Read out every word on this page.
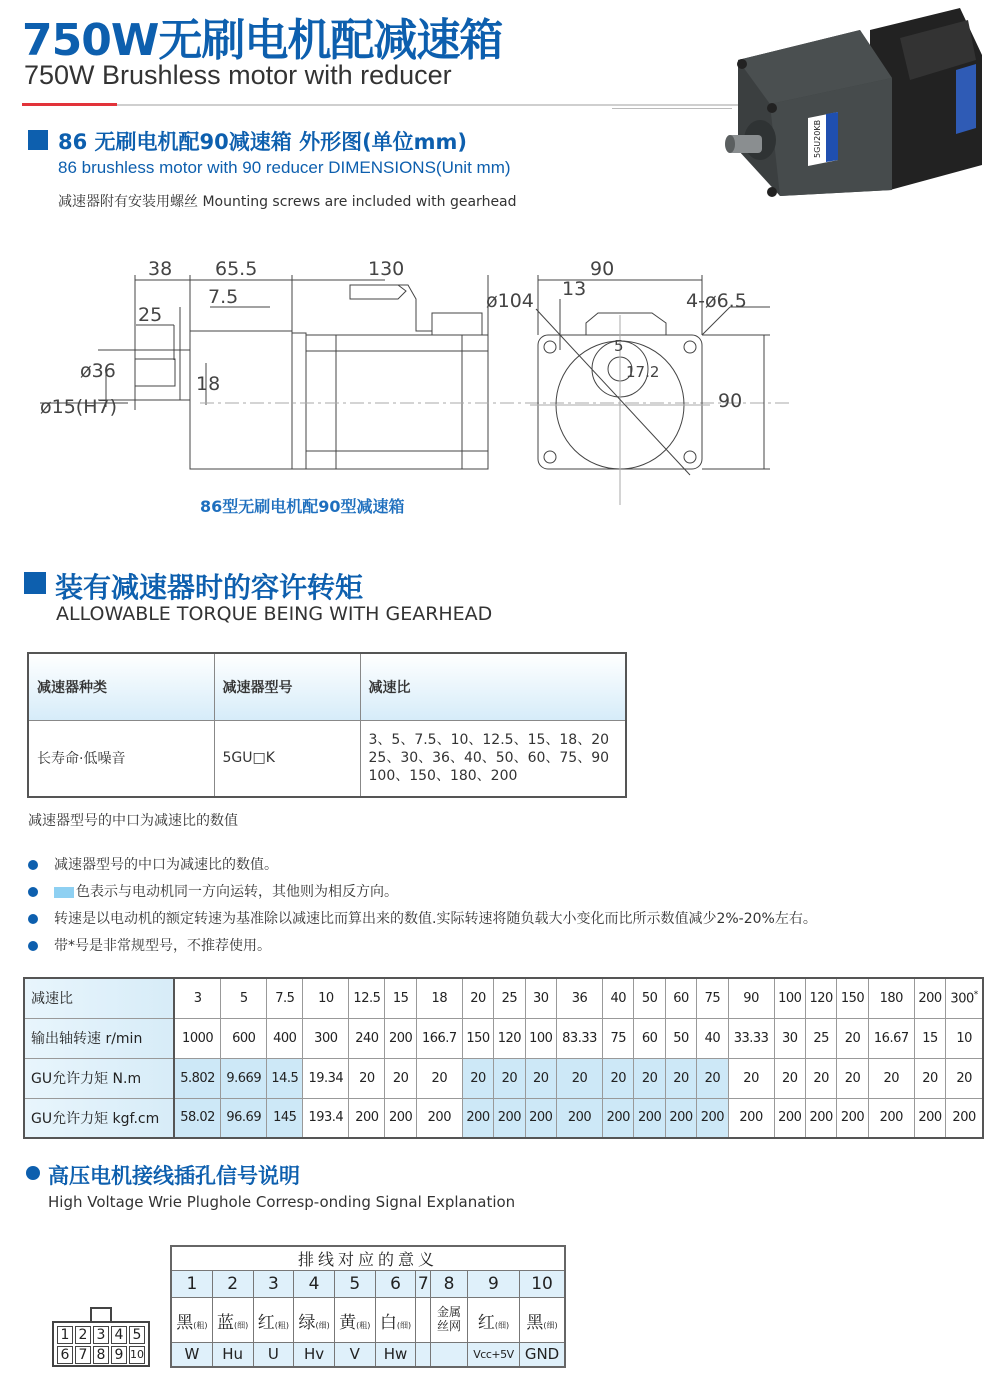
750W无刷电机配减速箱
750W Brushless motor with reducer
5GU20KB
86 无刷电机配90减速箱 外形图(单位mm)
86 brushless motor with 90 reducer DIMENSIONS(Unit mm)
减速器附有安装用螺丝 Mounting screws are included with gearhead
38 65.5	130
7.5
25
ø36
18
ø15(H7)
90
13
ø104	4-ø6.5
5
17.2
90
86型无刷电机配90型减速箱
装有减速器时的容许转矩
ALLOWABLE TORQUE BEING WITH GEARHEAD
减速器种类	减速器型号	减速比
长寿命·低噪音	5GU□K	3、5、7.5、10、12.5、15、18、20
25、30、36、40、50、60、75、90
100、150、180、200
减速器型号的中口为减速比的数值
减速器型号的中口为减速比的数值。
色表示与电动机同一方向运转，其他则为相反方向。
转速是以电动机的额定转速为基准除以减速比而算出来的数值.实际转速将随负载大小变化而比所示数值减少2%-20%左右。
带*号是非常规型号，不推荐使用。
减速比	3	5	7.5	10	12.5	15	18	20	25	30	36	40	50	60	75	90	100	120	150	180	200	300*
输出轴转速 r/min	1000	600	400	300	240	200	166.7	150	120	100	83.33	75	60	50	40	33.33	30	25	20	16.67	15	10
GU允许力矩 N.m	5.802	9.669	14.5	19.34	20	20	20	20	20	20	20	20	20	20	20	20	20	20	20	20	20	20
GU允许力矩 kgf.cm	58.02	96.69	145	193.4	200	200	200	200	200	200	200	200	200	200	200	200	200	200	200	200	200	200
高压电机接线插孔信号说明
High Voltage Wrie Plughole Corresp-onding Signal Explanation
1 2 3 4 5
6 7 8 9 10
排线对应的意义									
1	2	3	4	5	6	7	8	9	10
黑(粗)	蓝(细)	红(粗)	绿(细)	黄(粗)	白(细)		金属丝网	红(细)	黑(细)
W	Hu	U	Hv	V	Hw			Vcc+5V	GND
